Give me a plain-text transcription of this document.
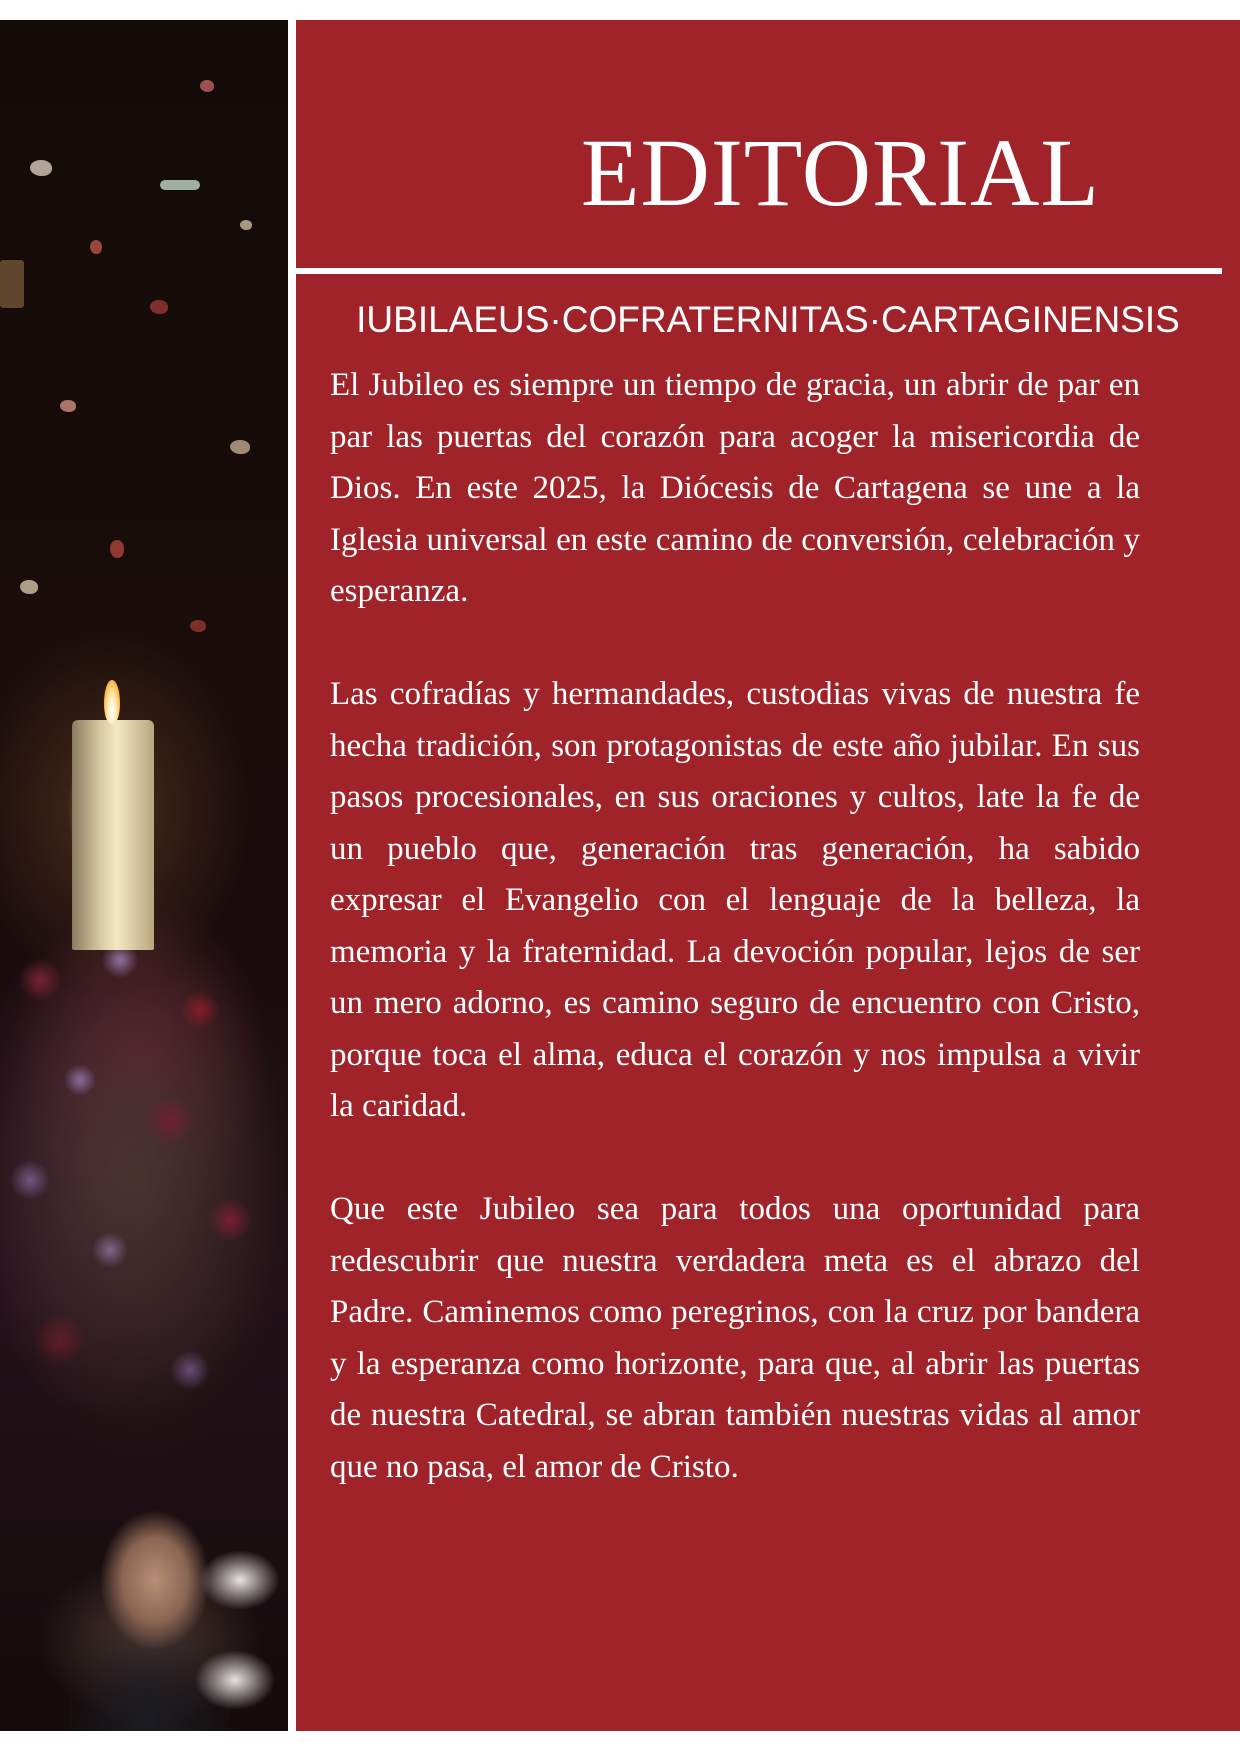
EDITORIAL
IUBILAEUS·COFRATERNITAS·CARTAGINENSIS

El Jubileo es siempre un tiempo de gracia, un abrir de par en par las puertas del corazón para acoger la misericordia de Dios. En este 2025, la Diócesis de Cartagena se une a la Iglesia universal en este camino de conversión, celebración y esperanza.

Las cofradías y hermandades, custodias vivas de nuestra fe hecha tradición, son protagonistas de este año jubilar. En sus pasos procesionales, en sus oraciones y cultos, late la fe de un pueblo que, generación tras generación, ha sabido expresar el Evangelio con el lenguaje de la belleza, la memoria y la fraternidad. La devoción popular, lejos de ser un mero adorno, es camino seguro de encuentro con Cristo, porque toca el alma, educa el corazón y nos impulsa a vivir la caridad.

Que este Jubileo sea para todos una oportunidad para redescubrir que nuestra verdadera meta es el abrazo del Padre. Caminemos como peregrinos, con la cruz por bandera y la esperanza como horizonte, para que, al abrir las puertas de nuestra Catedral, se abran también nuestras vidas al amor que no pasa, el amor de Cristo.
